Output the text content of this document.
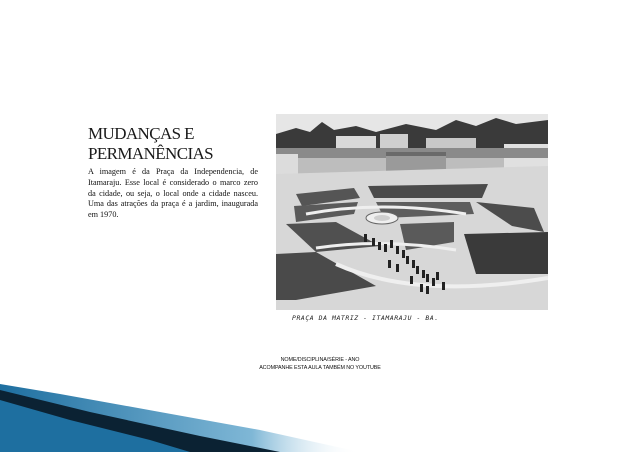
MUDANÇAS E
PERMANÊNCIAS
A imagem é da Praça da Independencia, de Itamaraju. Esse local é considerado o marco zero da cidade, ou seja, o local onde a cidade nasceu. Uma das atrações da praça é a jardim, inaugurada em 1970.
PRAÇA DA MATRIZ - ITAMARAJU - BA.
NOME/DISCIPLINA/SÉRIE - ANO
ACOMPANHE ESTA AULA TAMBÉM NO YOUTUBE
